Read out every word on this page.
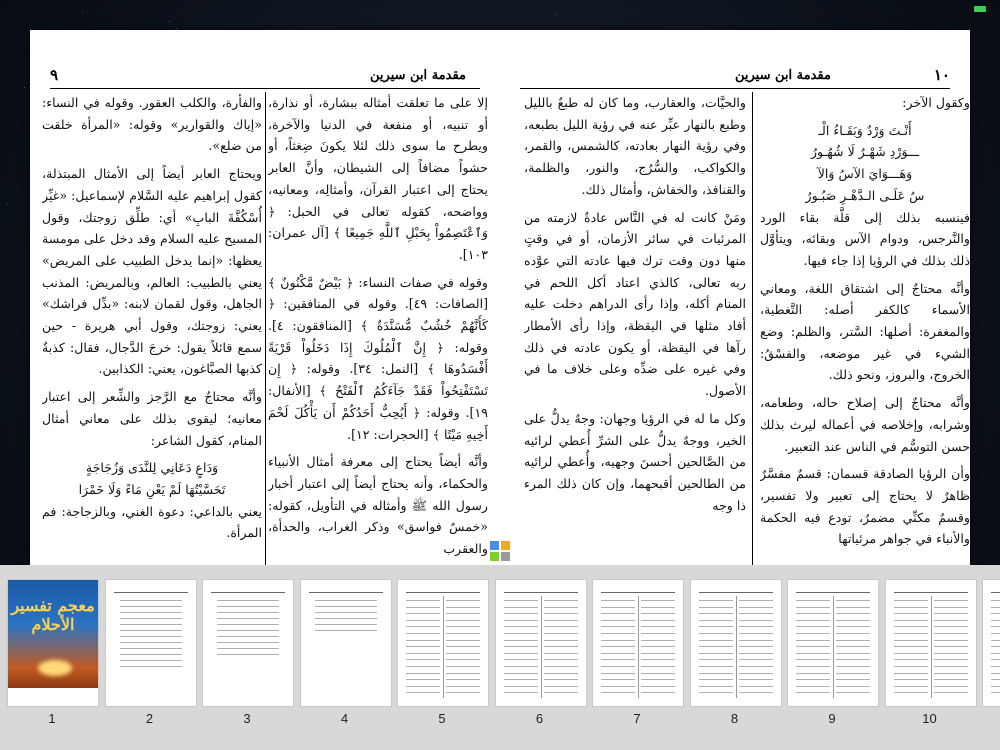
مقدمة ابن سيرين
٩

إلا على ما تعلقت أمثاله ببشارة، أو نذارة، أو تنبيه، أو منفعة في الدنيا والآخرة، ويطرح ما سوى ذلك لئلا يكونَ ضِغثاً، أو حشواً مضافاً إلى الشيطان، وأنَّ العابر يحتاج إلى اعتبار القرآن، وأمثالِه، ومعانيه، وواضحه، كقوله تعالى في الحبل: ﴿ وَٱعْتَصِمُواْ بِحَبْلِ ٱللَّهِ جَمِيعًا ﴾ [آل عمران: ١٠٣].

وقوله في صفات النساء: ﴿ بَيْضٌ مَّكْنُونٌ ﴾ [الصافات: ٤٩]. وقوله في المنافقين: ﴿ كَأَنَّهُمْ خُشُبٌ مُّسَنَّدَةٌ ﴾ [المنافقون: ٤]. وقوله: ﴿ إِنَّ ٱلْمُلُوكَ إِذَا دَخَلُواْ قَرْيَةً أَفْسَدُوهَا ﴾ [النمل: ٣٤]. وقوله: ﴿ إِن تَسْتَفْتِحُواْ فَقَدْ جَآءَكُمُ ٱلْفَتْحُ ﴾ [الأنفال: ١٩]. وقوله: ﴿ أَيُحِبُّ أَحَدُكُمْ أَن يَأْكُلَ لَحْمَ أَخِيهِ مَيْتًا ﴾ [الحجرات: ١٢].

وأنَّه أيضاً يحتاج إلى معرفة أمثال الأنبياء والحكماء، وأنه يحتاج أيضاً إلى اعتبار أخبار رسول الله ﷺ وأمثاله في التأويل، كقوله: «خمسٌ فواسق» وذكر الغراب، والحدأة، والعقرب

والفأرة، والكلب العقور. وقوله في النساء: «إياك والقوارير» وقوله: «المرأة خلقت من ضلع».

ويحتاج العابر أيضاً إلى الأمثال المبتذلة، كقول إبراهيم عليه السَّلام لإسماعيل: «غيِّر أُسْكُفَّةَ البابِ» أي: طلِّق زوجتك، وقول المسيح عليه السلام وقد دخل على مومسة يعظها: «إنما يدخل الطبيب على المريض» يعني بالطبيب: العالم، وبالمريض: المذنب الجاهل، وقول لقمان لابنه: «بدِّل فراشك» يعني: زوجتك، وقول أبي هريرة - حين سمع قائلاً يقول: خرجَ الدَّجال، فقال: كذبةٌ كذبها الصبَّاغون، يعني: الكذابين.

وأنَّه محتاجٌ مع الرَّجز والشِّعر إلى اعتبار معانيه؛ ليقوى بذلك على معاني أمثال المنام، كقول الشاعر:

وَدَاعٍ دَعَانِي لِلنَّدَى وَزُجَاجَةٍ

تَحَسَّيْتُهَا لَمْ يَعْنِ مَاءً وَلَا خَمْرَا

يعني بالداعي: دعوة الغني، وبالزجاجة: فم المرأة.

مقدمة ابن سيرين	١٠

وكقول الآخر:

أَنْـتَ وَرْدٌ وَبَقَـاءُ الْـ

ـــوَرْدِ شَهْـرٌ لَا شُهُـورُ

وَهَـــوَايَ الآسُ وَالآ

سُ عَلَـى الـدَّهْـرِ صَبُـورُ

فينسبه بذلك إلى قلَّة بقاء الورد والنَّرجس، ودوام الآس وبقائه، ويتأوَّل ذلك بذلك في الرؤيا إذا جاء فيها.

وأنَّه محتاجٌ إلى اشتقاق اللغة، ومعاني الأسماء كالكفر أصله: التَّغطية، والمغفرة: أصلها: السَّتر، والظلم: وضع الشيء في غير موضعه، والفسْقُ: الخروج، والبروز، ونحو ذلك.

وأنَّه محتاجٌ إلى إصلاح حاله، وطعامه، وشرابه، وإخلاصه في أعماله ليرث بذلك حسن التوسُّم في الناس عند التعبير.

وأن الرؤيا الصادقة قسمان: قسمٌ مفسَّرٌ ظاهرٌ لا يحتاج إلى تعبير ولا تفسير، وقسمٌ مكنِّي مضمرٌ، تودع فيه الحكمة والأنباء في جواهر مرئياتها

والحيَّات، والعقارب، وما كان له طبعٌ بالليل وطبع بالنهار عبِّر عنه في رؤية الليل بطبعه، وفي رؤية النهار بعادته، كالشمس، والقمر، والكواكب، والسُّرُج، والنور، والظلمة، والقنافذ، والخفاش، وأمثال ذلك.

ومَنْ كانت له في النَّاس عادةٌ لازمته من المرئيات في سائر الأزمان، أو في وقتٍ منها دون وقت ترك فيها عادته التي عوَّده ربه تعالى، كالذي اعتاد أكل اللحم في المنام أكله، وإذا رأى الدراهم دخلت عليه أفاد مثلها في اليقظة، وإذا رأى الأمطار رآها في اليقظة، أو يكون عادته في ذلك وفي غيره على ضدِّه وعلى خلاف ما في الأصول.

وكل ما له في الرؤيا وجهان: وجهٌ يدلُّ على الخير، ووجهٌ يدلُّ على الشرِّ أُعطي لرائيه من الصَّالحين أحسنَ وجهيه، وأُعطي لرائيه من الطالحين أقبحهما، وإن كان ذلك المرء ذا وجه

معجم تفسير الأحلام
1	2	3	4	5	6	7	8	9	10
